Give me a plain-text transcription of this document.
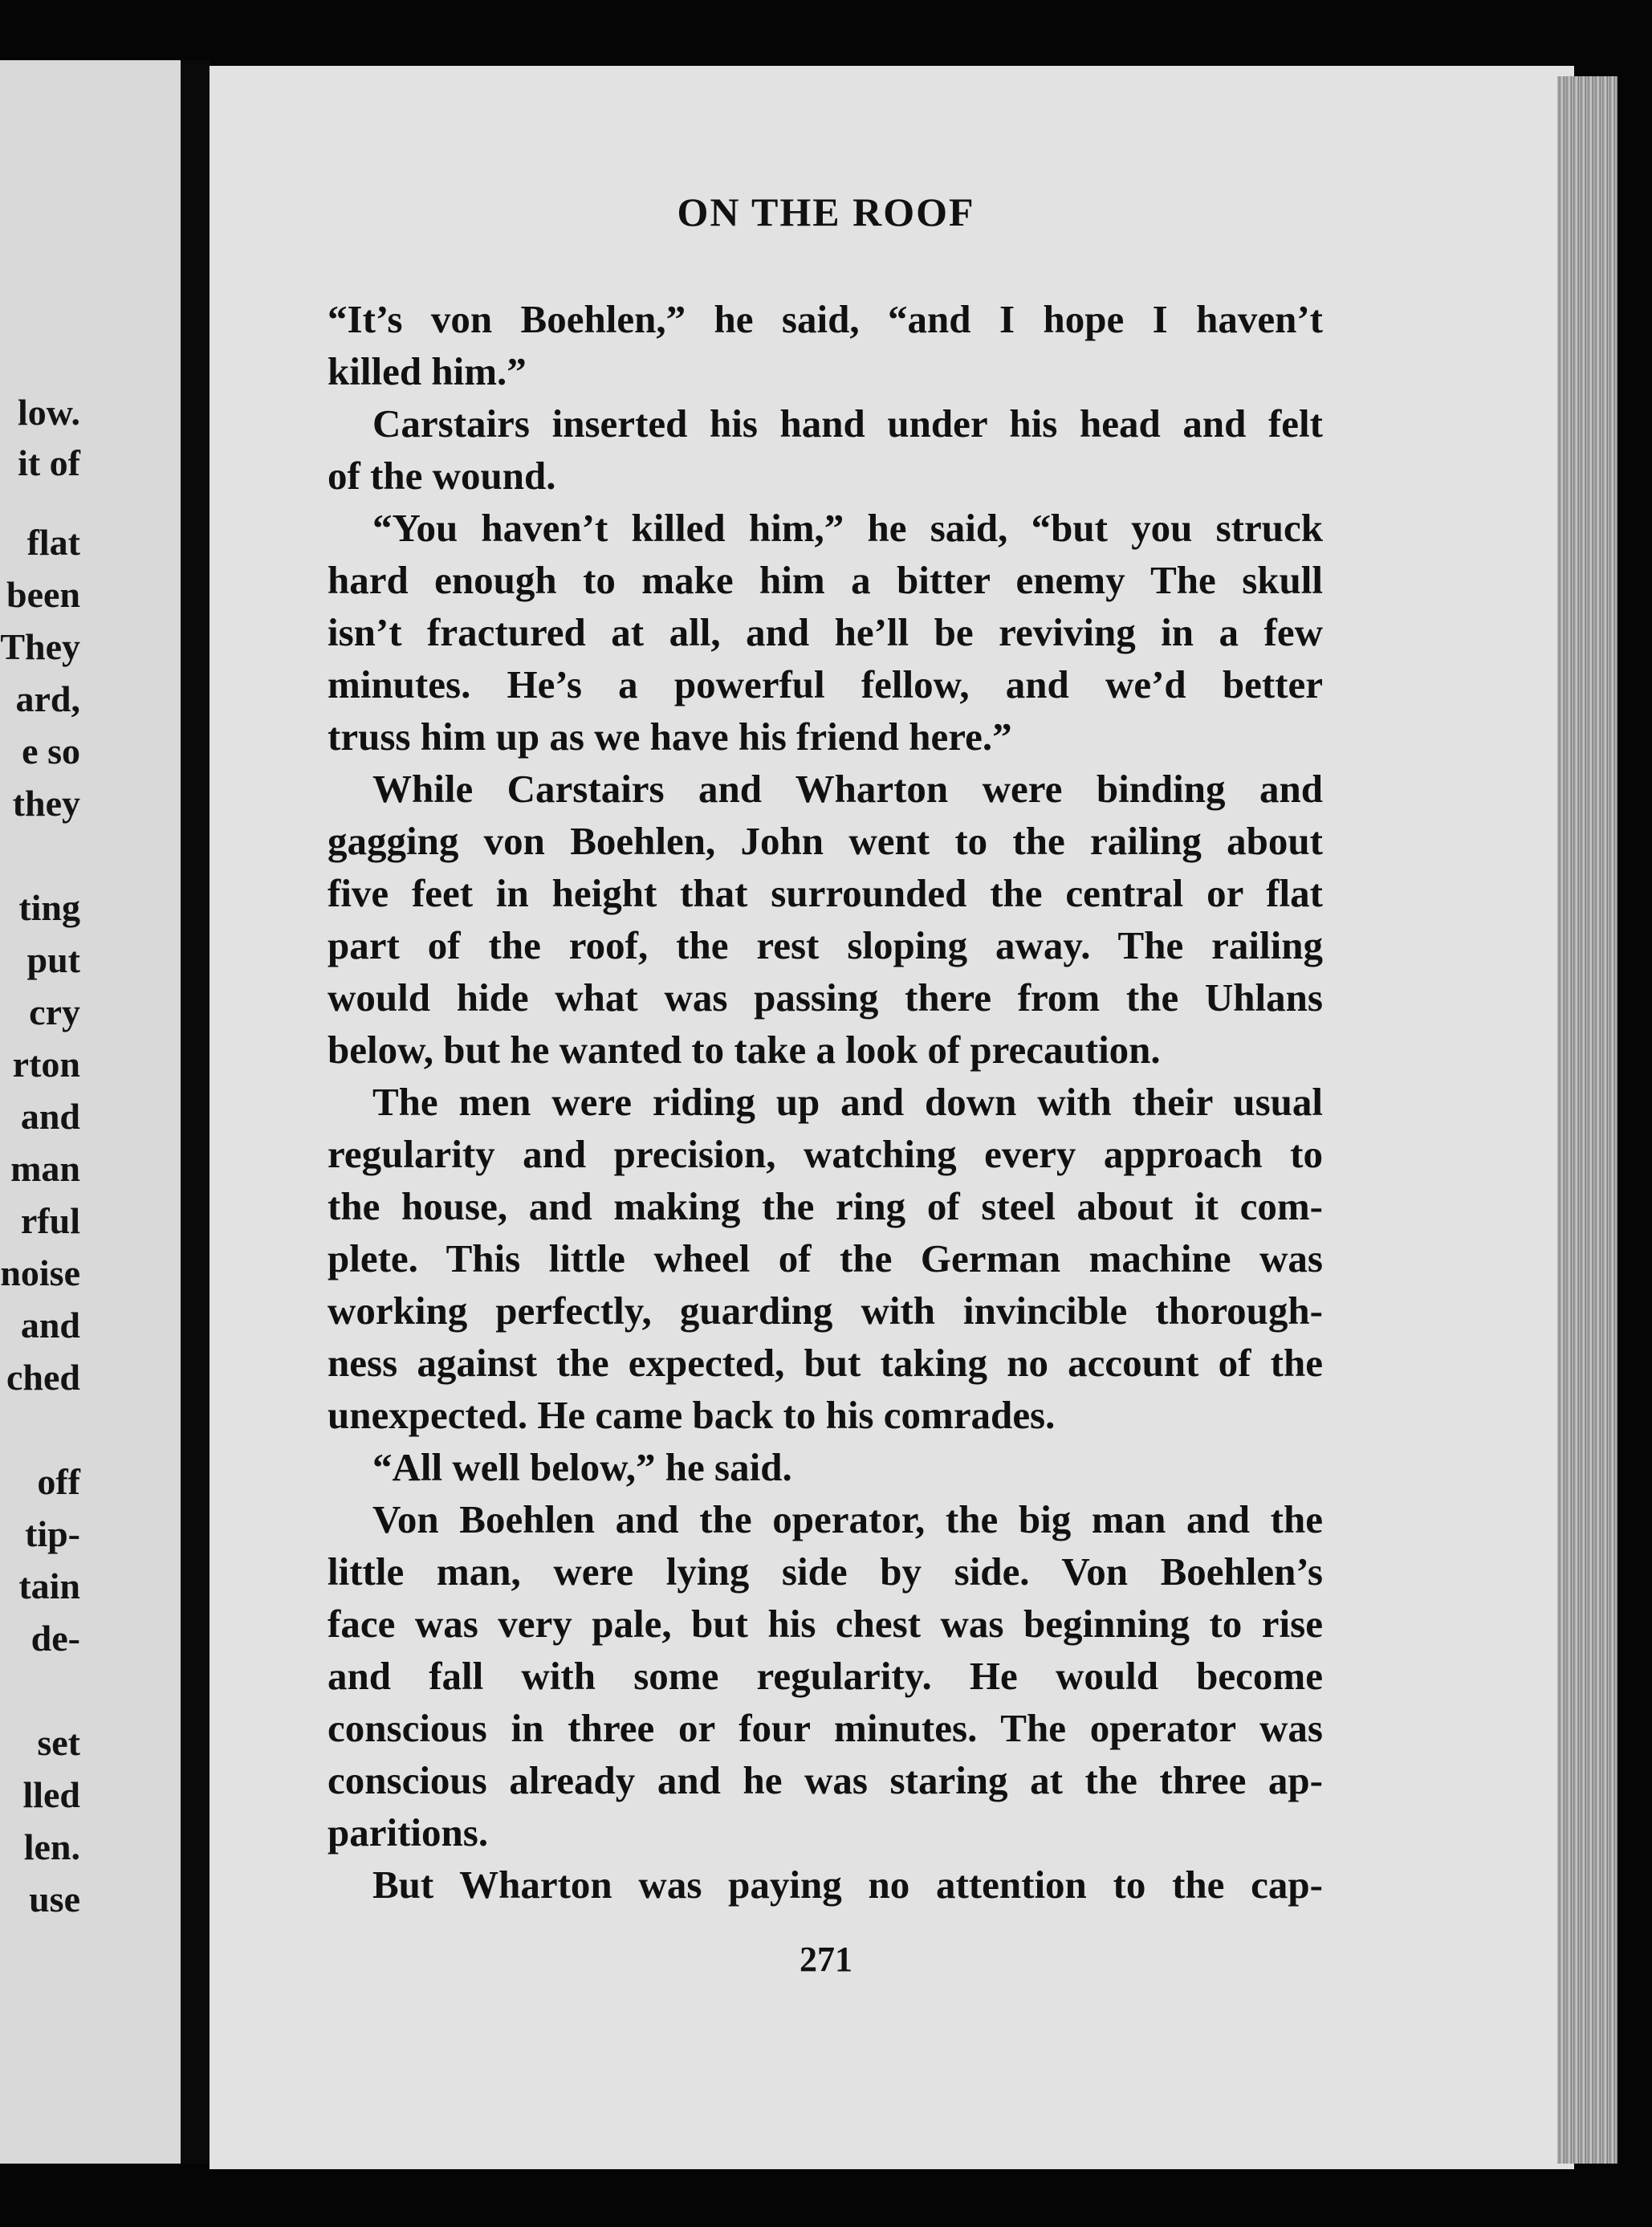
low.
it of
flat
been
They
ard,
e so
they
ting
put
cry
rton
and
man
rful
noise
and
ched
off
tip-
tain
de-
set
lled
len.
use
ON THE ROOF
“It’s von Boehlen,” he said, “and I hope I haven’t
killed him.”
Carstairs inserted his hand under his head and felt
of the wound.
“You haven’t killed him,” he said, “but you struck
hard enough to make him a bitter enemy The skull
isn’t fractured at all, and he’ll be reviving in a few
minutes. He’s a powerful fellow, and we’d better
truss him up as we have his friend here.”
While Carstairs and Wharton were binding and
gagging von Boehlen, John went to the railing about
five feet in height that surrounded the central or flat
part of the roof, the rest sloping away. The railing
would hide what was passing there from the Uhlans
below, but he wanted to take a look of precaution.
The men were riding up and down with their usual
regularity and precision, watching every approach to
the house, and making the ring of steel about it com-
plete. This little wheel of the German machine was
working perfectly, guarding with invincible thorough-
ness against the expected, but taking no account of the
unexpected. He came back to his comrades.
“All well below,” he said.
Von Boehlen and the operator, the big man and the
little man, were lying side by side. Von Boehlen’s
face was very pale, but his chest was beginning to rise
and fall with some regularity. He would become
conscious in three or four minutes. The operator was
conscious already and he was staring at the three ap-
paritions.
But Wharton was paying no attention to the cap-
271
